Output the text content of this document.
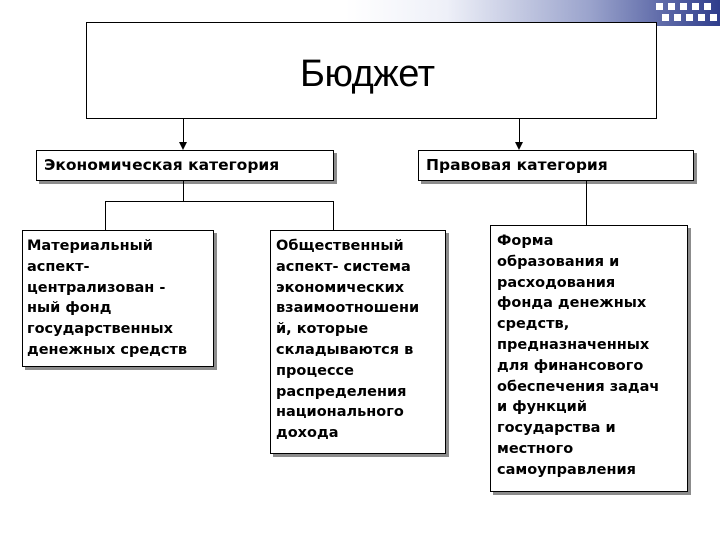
Бюджет
Экономическая категория	Правовая категория
Материальный
аспект-
централизован -
ный фонд
государственных
денежных средств
Общественный
аспект- система
экономических
взаимоотношени
й, которые
складываются в
процессе
распределения
национального
дохода
Форма
образования и
расходования
фонда денежных
средств,
предназначенных
для финансового
обеспечения задач
и функций
государства и
местного
самоуправления
